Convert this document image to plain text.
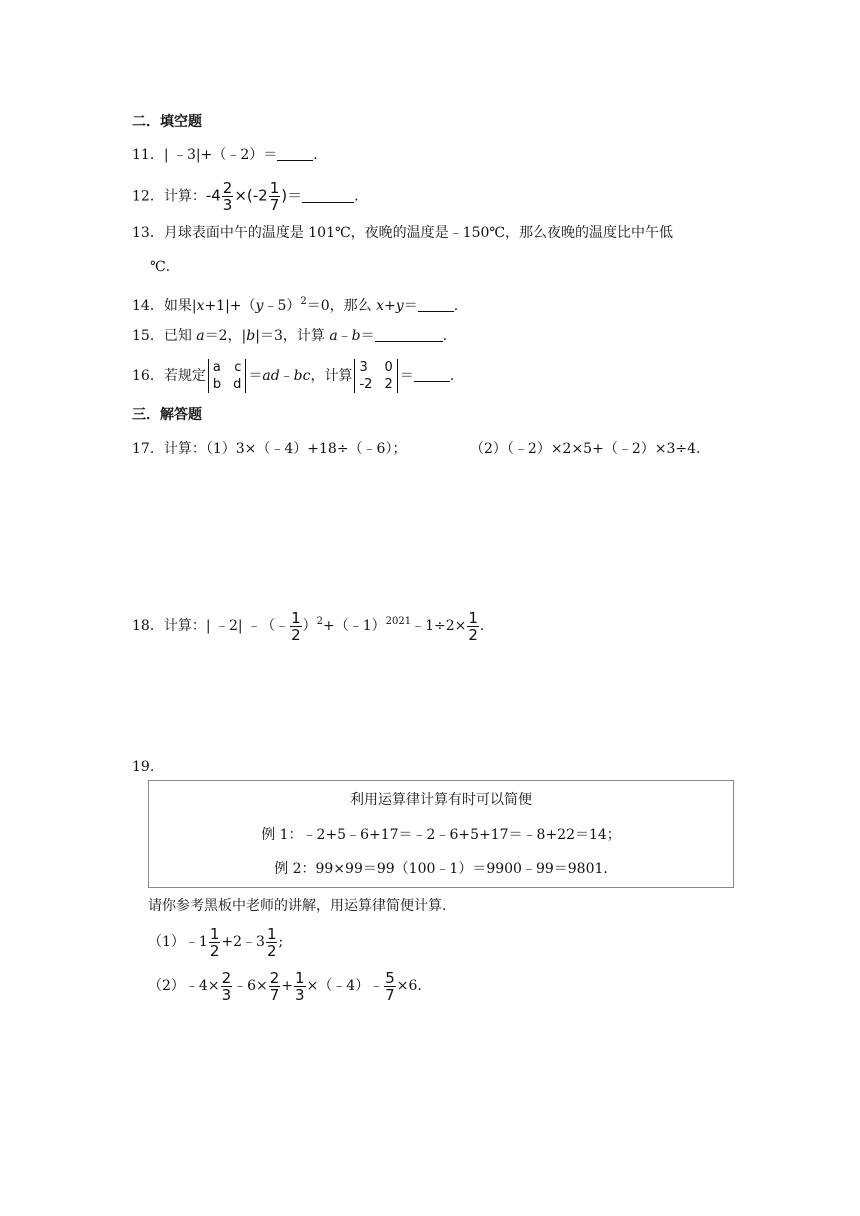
二．填空题
11．| ﹣3|+（﹣2）＝	.
12．计算：$-4 \frac{2}{3} \times(-2 \frac{1}{7}$ )＝	.
13．月球表面中午的温度是 101℃，夜晚的温度是﹣150℃，那么夜晚的温度比中午低
℃.
14．如果|x+1|+（y﹣5）$^2$＝0，那么 x+y＝	.
15．已知 a＝2，|b|＝3，计算 a﹣b＝	.
16．若规定
a c
b d
＝ad﹣bc，计算
3 0
-2 2
＝	.
三．解答题
17．计算：（1）3×（﹣4）+18÷（﹣6）；	（2）（﹣2）×2×5+（﹣2）×3÷4.
18．计算：| ﹣2| ﹣（﹣ $\frac{1}{2}$ ）$^2$+（﹣1）$^{2021}$﹣1÷2× $\frac{1}{2}$ .
19.
利用运算律计算有时可以简便
例 1：﹣2+5﹣6+17＝﹣2﹣6+5+17＝﹣8+22＝14；
例 2：99×99＝99（100﹣1）＝9900﹣99＝9801.
请你参考黑板中老师的讲解，用运算律简便计算.
（1）﹣1 $\frac{1}{2}$ +2﹣3 $\frac{1}{2}$ ;
（2）﹣4× $\frac{2}{3}$ ﹣6× $\frac{2}{7} + \frac{1}{3}$ ×（﹣4）﹣ $\frac{5}{7} \times 6$.
